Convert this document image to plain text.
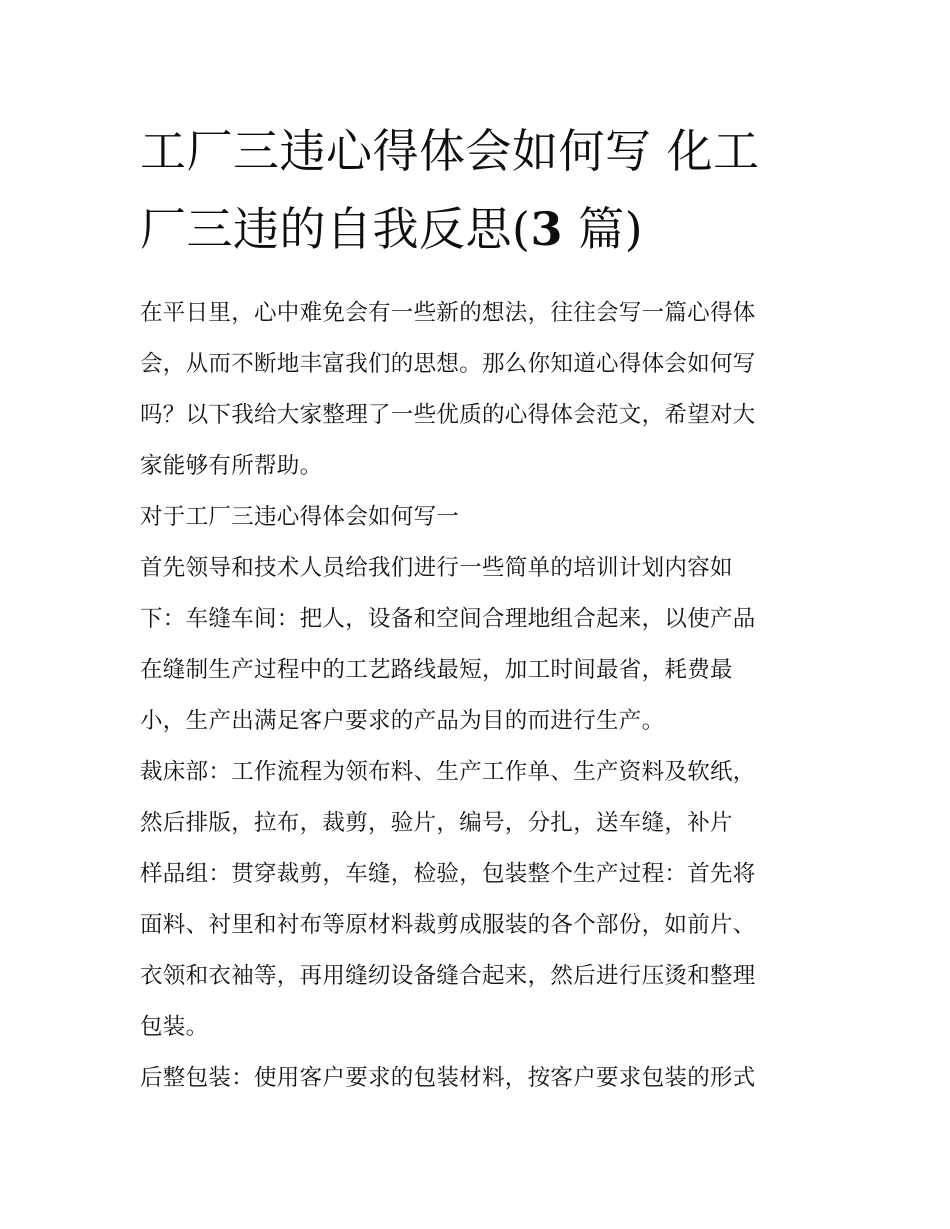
工厂三违心得体会如何写 化工
厂三违的自我反思(3 篇)
在平日里，心中难免会有一些新的想法，往往会写一篇心得体
会，从而不断地丰富我们的思想。那么你知道心得体会如何写
吗？以下我给大家整理了一些优质的心得体会范文，希望对大
家能够有所帮助。
对于工厂三违心得体会如何写一
首先领导和技术人员给我们进行一些简单的培训计划内容如
下：车缝车间：把人，设备和空间合理地组合起来，以使产品
在缝制生产过程中的工艺路线最短，加工时间最省，耗费最
小，生产出满足客户要求的产品为目的而进行生产。
裁床部：工作流程为领布料、生产工作单、生产资料及软纸，
然后排版，拉布，裁剪，验片，编号，分扎，送车缝，补片
样品组：贯穿裁剪，车缝，检验，包装整个生产过程：首先将
面料、衬里和衬布等原材料裁剪成服装的各个部份，如前片、
衣领和衣袖等，再用缝纫设备缝合起来，然后进行压烫和整理
包装。
后整包装：使用客户要求的包装材料，按客户要求包装的形式
